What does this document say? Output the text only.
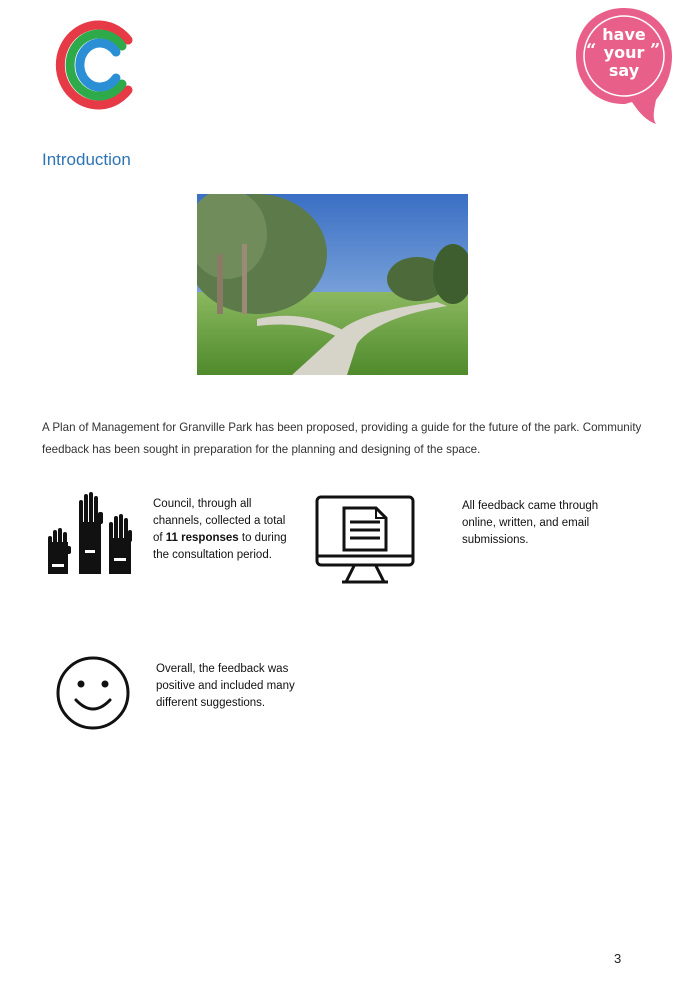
have
your
say
“	”
Introduction
A Plan of Management for Granville Park has been proposed, providing a guide for the future of the park. Community feedback has been sought in preparation for the planning and designing of the space.
Council, through all channels, collected a total of 11 responses to during the consultation period.
All feedback came through online, written, and email submissions.
Overall, the feedback was positive and included many different suggestions.
3
